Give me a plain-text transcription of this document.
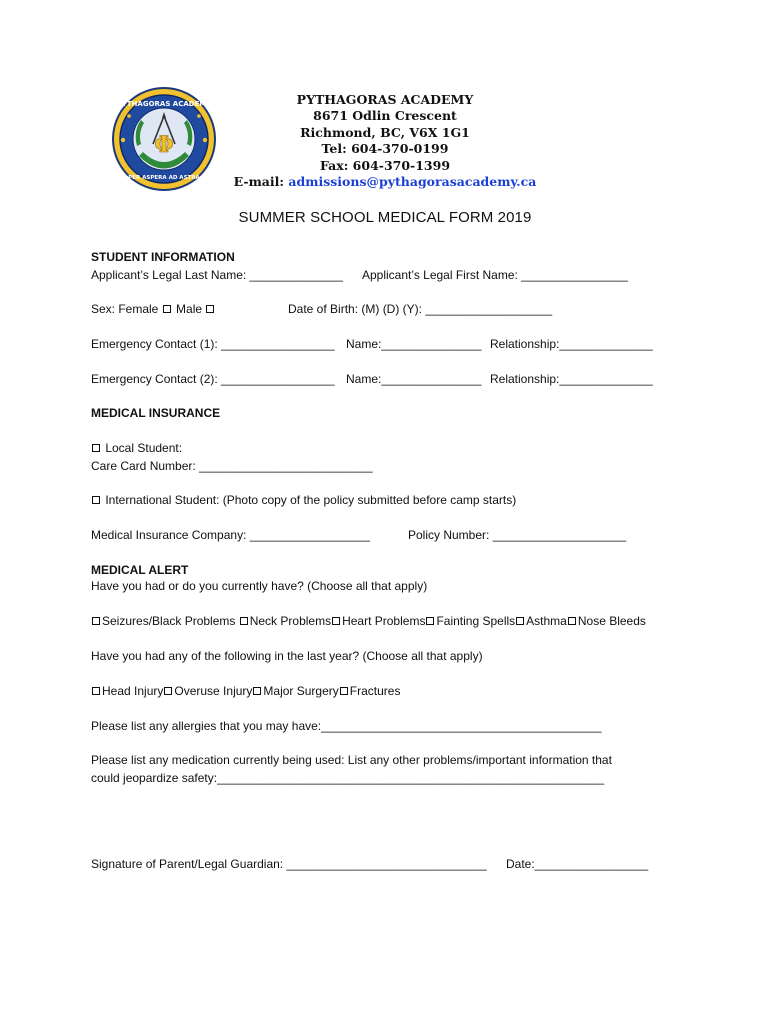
Φ
PYTHAGORAS ACADEMY
PER ASPERA AD ASTRA
PYTHAGORAS ACADEMY
8671 Odlin Crescent
Richmond, BC, V6X 1G1
Tel: 604-370-0199
Fax: 604-370-1399
E-mail: admissions@pythagorasacademy.ca
SUMMER SCHOOL MEDICAL FORM 2019
STUDENT INFORMATION
Applicant’s Legal Last Name: ______________ Applicant’s Legal First Name: ________________
Sex: Female  Male	Date of Birth: (M) (D) (Y): ___________________
Emergency Contact (1): _________________ Name:_______________ Relationship:______________
Emergency Contact (2): _________________ Name:_______________ Relationship:______________
MEDICAL INSURANCE
Local Student:
Care Card Number: __________________________
International Student: (Photo copy of the policy submitted before camp starts)
Medical Insurance Company: __________________	Policy Number: ____________________
MEDICAL ALERT
Have you had or do you currently have? (Choose all that apply)
Seizures/Black Problems Neck Problems Heart Problems Fainting Spells Asthma Nose Bleeds
Have you had any of the following in the last year? (Choose all that apply)
Head Injury Overuse Injury Major Surgery Fractures
Please list any allergies that you may have:__________________________________________
Please list any medication currently being used: List any other problems/important information that
could jeopardize safety:__________________________________________________________
Signature of Parent/Legal Guardian: ______________________________ Date:_________________
